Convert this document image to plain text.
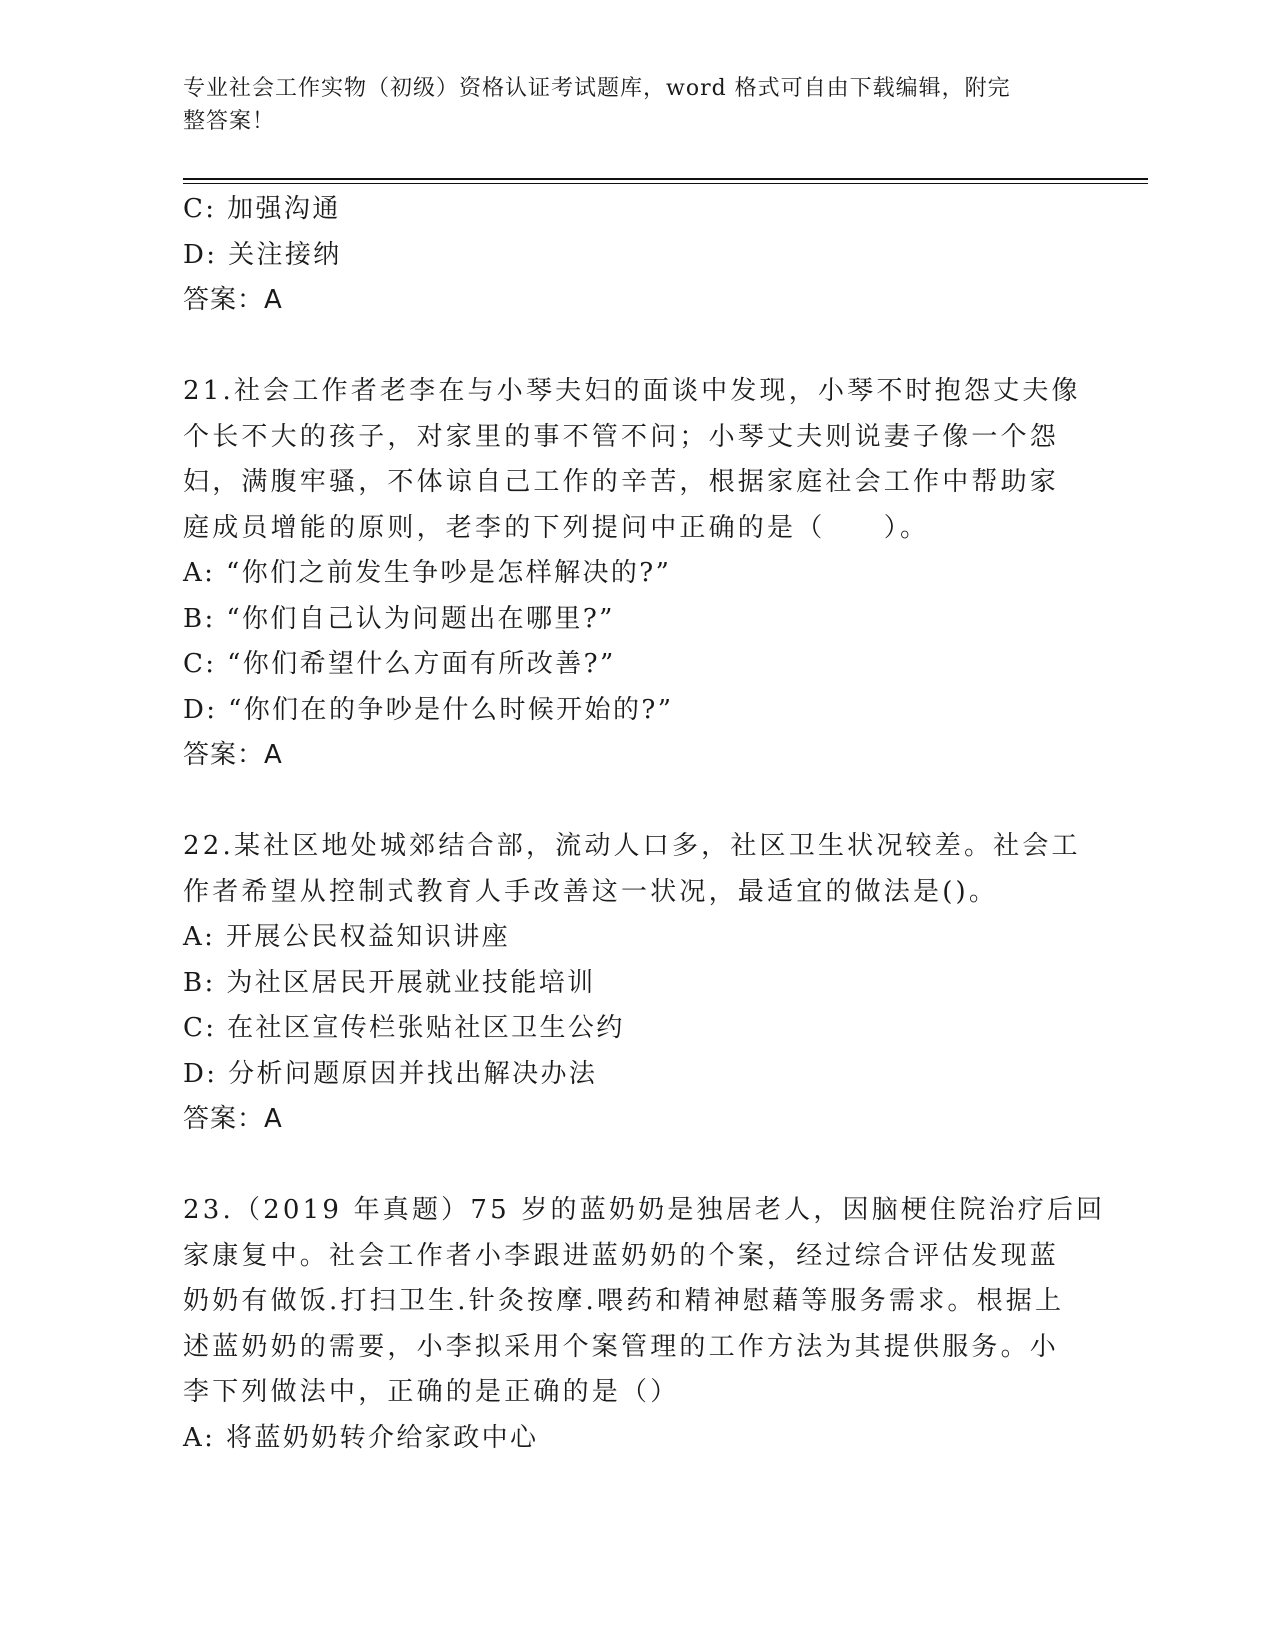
专业社会工作实物（初级）资格认证考试题库，word 格式可自由下载编辑，附完
整答案！
C: 加强沟通
D: 关注接纳
答案：A
21.社会工作者老李在与小琴夫妇的面谈中发现，小琴不时抱怨丈夫像
个长不大的孩子，对家里的事不管不问；小琴丈夫则说妻子像一个怨
妇，满腹牢骚，不体谅自己工作的辛苦，根据家庭社会工作中帮助家
庭成员增能的原则，老李的下列提问中正确的是（　　）。
A: “你们之前发生争吵是怎样解决的?”
B: “你们自己认为问题出在哪里?”
C: “你们希望什么方面有所改善?”
D: “你们在的争吵是什么时候开始的?”
答案：A
22.某社区地处城郊结合部，流动人口多，社区卫生状况较差。社会工
作者希望从控制式教育人手改善这一状况，最适宜的做法是()。
A: 开展公民权益知识讲座
B: 为社区居民开展就业技能培训
C: 在社区宣传栏张贴社区卫生公约
D: 分析问题原因并找出解决办法
答案：A
23.（2019 年真题）75 岁的蓝奶奶是独居老人，因脑梗住院治疗后回
家康复中。社会工作者小李跟进蓝奶奶的个案，经过综合评估发现蓝
奶奶有做饭.打扫卫生.针灸按摩.喂药和精神慰藉等服务需求。根据上
述蓝奶奶的需要，小李拟采用个案管理的工作方法为其提供服务。小
李下列做法中，正确的是正确的是（）
A: 将蓝奶奶转介给家政中心
